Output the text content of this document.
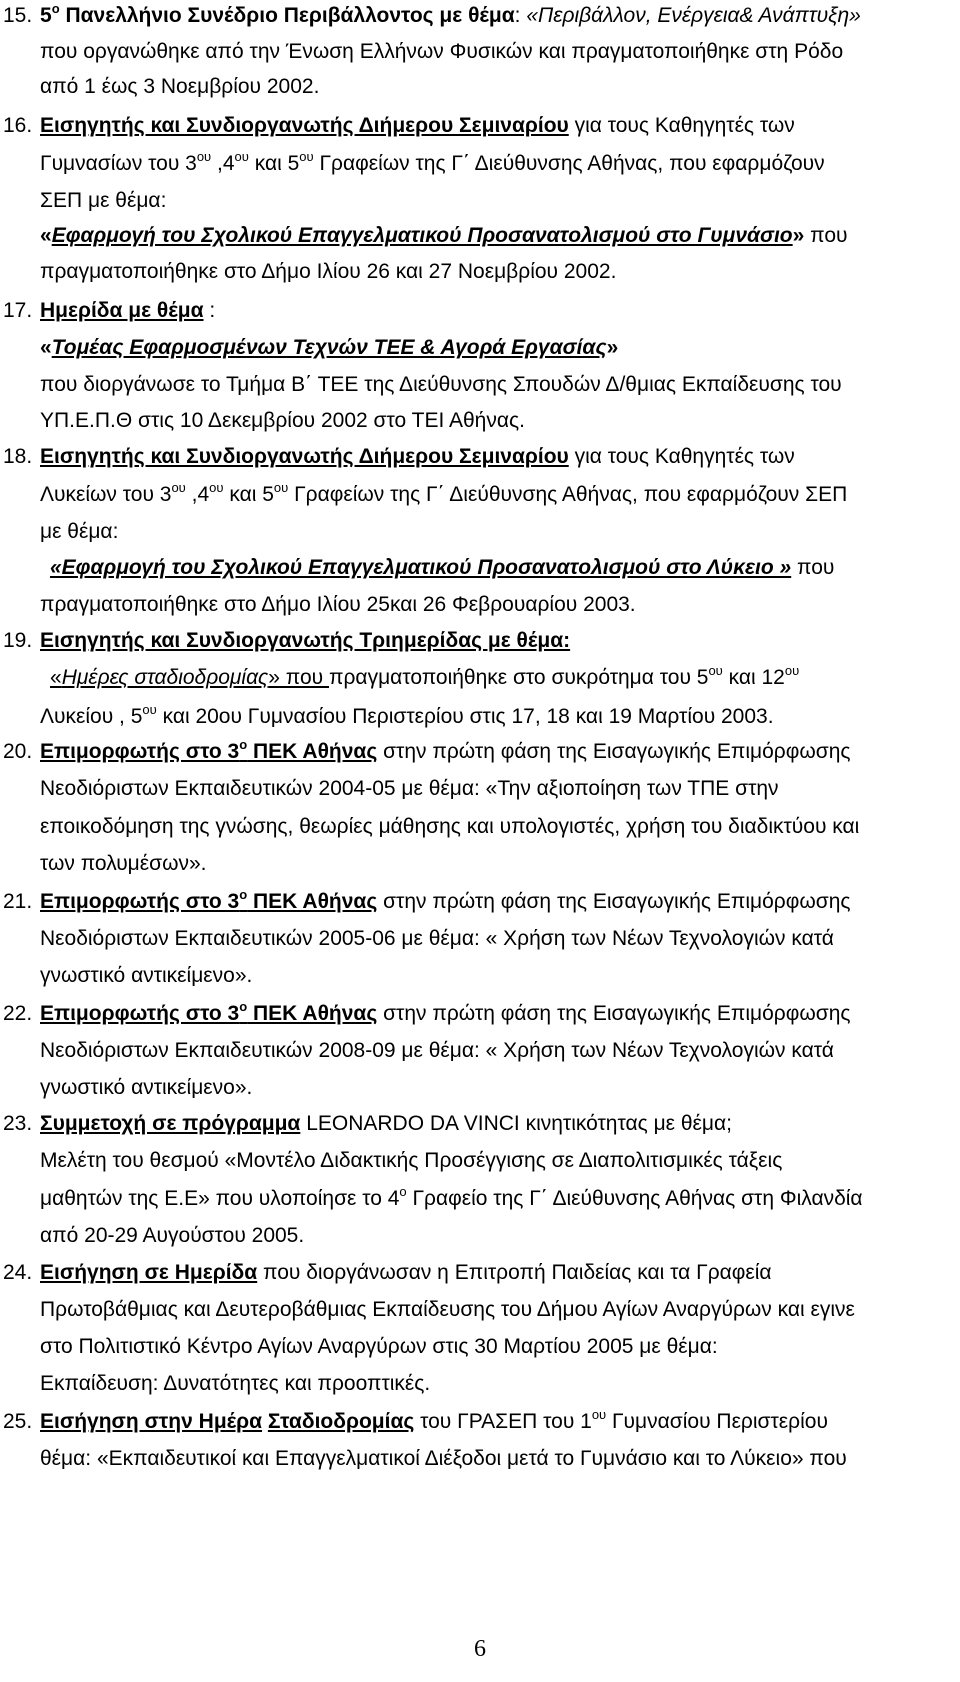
15. $5^o$ Πανελλήνιο Συνέδριο Περιβάλλοντος με θέμα: «Περιβάλλον, Ενέργεια& Ανάπτυξη»
που οργανώθηκε από την Ένωση Ελλήνων Φυσικών και πραγματοποιήθηκε στη Ρόδο
από 1 έως 3 Νοεμβρίου 2002.
16. Εισηγητής και Συνδιοργανωτής Διήμερου Σεμιναρίου για τους Καθηγητές των
Γυμνασίων του $3^{o\upsilon}$ $,4^{o\upsilon}$ και $5^{o\upsilon}$ Γραφείων της Γ΄ Διεύθυνσης Αθήνας, που εφαρμόζουν
ΣΕΠ με θέμα:
«Εφαρμογή του Σχολικού Επαγγελματικού Προσανατολισμού στο Γυμνάσιο» που
πραγματοποιήθηκε στο Δήμο Ιλίου 26 και 27 Νοεμβρίου 2002.
17. Ημερίδα με θέμα :
«Τομέας Εφαρμοσμένων Τεχνών ΤΕΕ & Αγορά Εργασίας»
που διοργάνωσε το Τμήμα Β΄ ΤΕΕ της Διεύθυνσης Σπουδών Δ/θμιας Εκπαίδευσης του
ΥΠ.Ε.Π.Θ στις 10 Δεκεμβρίου 2002 στο ΤΕΙ Αθήνας.
18. Εισηγητής και Συνδιοργανωτής Διήμερου Σεμιναρίου για τους Καθηγητές των
Λυκείων του $3^{o\upsilon}$ $,4^{o\upsilon}$ και $5^{o\upsilon}$ Γραφείων της Γ΄ Διεύθυνσης Αθήνας, που εφαρμόζουν ΣΕΠ
με θέμα:
«Εφαρμογή του Σχολικού Επαγγελματικού Προσανατολισμού στο Λύκειο » που
πραγματοποιήθηκε στο Δήμο Ιλίου 25και 26 Φεβρουαρίου 2003.
19. Εισηγητής και Συνδιοργανωτής Τριημερίδας με θέμα:
«Ημέρες σταδιοδρομίας» που πραγματοποιήθηκε στο συκρότημα του $5^{o\upsilon}$ και $12^{o\upsilon}$
Λυκείου , $5^{o\upsilon}$ και 20ου Γυμνασίου Περιστερίου στις 17, 18 και 19 Μαρτίου 2003.
20. Επιμορφωτής στο $3^o$ ΠΕΚ Αθήνας στην πρώτη φάση της Εισαγωγικής Επιμόρφωσης
Νεοδιόριστων Εκπαιδευτικών 2004-05 με θέμα: «Την αξιοποίηση των ΤΠΕ στην
εποικοδόμηση της γνώσης, θεωρίες μάθησης και υπολογιστές, χρήση του διαδικτύου και
των πολυμέσων».
21. Επιμορφωτής στο $3^o$ ΠΕΚ Αθήνας στην πρώτη φάση της Εισαγωγικής Επιμόρφωσης
Νεοδιόριστων Εκπαιδευτικών 2005-06 με θέμα: « Χρήση των Νέων Τεχνολογιών κατά
γνωστικό αντικείμενο».
22. Επιμορφωτής στο $3^o$ ΠΕΚ Αθήνας στην πρώτη φάση της Εισαγωγικής Επιμόρφωσης
Νεοδιόριστων Εκπαιδευτικών 2008-09 με θέμα: « Χρήση των Νέων Τεχνολογιών κατά
γνωστικό αντικείμενο».
23. Συμμετοχή σε πρόγραμμα LEONARDO DA VINCI κινητικότητας με θέμα;
Μελέτη του θεσμού «Μοντέλο Διδακτικής Προσέγγισης σε Διαπολιτισμικές τάξεις
μαθητών της Ε.Ε» που υλοποίησε το $4^o$ Γραφείο της Γ΄ Διεύθυνσης Αθήνας στη Φιλανδία
από 20-29 Αυγούστου 2005.
24. Εισήγηση σε Ημερίδα που διοργάνωσαν η Επιτροπή Παιδείας και τα Γραφεία
Πρωτοβάθμιας και Δευτεροβάθμιας Εκπαίδευσης του Δήμου Αγίων Αναργύρων και εγινε
στο Πολιτιστικό Κέντρο Αγίων Αναργύρων στις 30 Μαρτίου 2005 με θέμα:
Εκπαίδευση: Δυνατότητες και προοπτικές.
25. Εισήγηση στην Ημέρα Σταδιοδρομίας του ΓΡΑΣΕΠ του $1^{o\upsilon}$ Γυμνασίου Περιστερίου
θέμα: «Εκπαιδευτικοί και Επαγγελματικοί Διέξοδοι μετά το Γυμνάσιο και το Λύκειο» που
6
